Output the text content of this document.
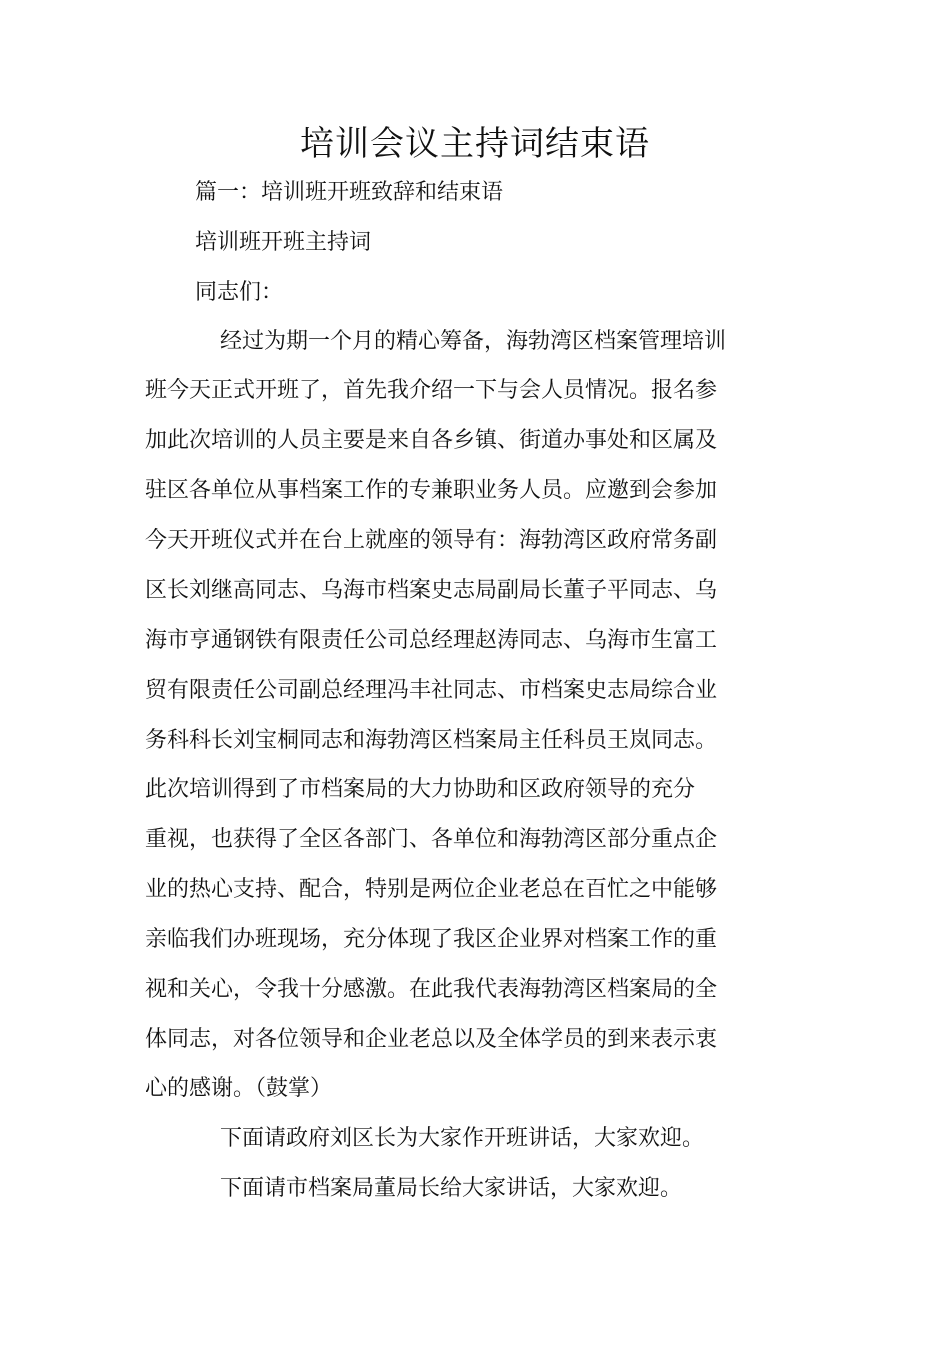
培训会议主持词结束语

篇一：培训班开班致辞和结束语

培训班开班主持词

同志们：

经过为期一个月的精心筹备，海勃湾区档案管理培训

班今天正式开班了，首先我介绍一下与会人员情况。报名参

加此次培训的人员主要是来自各乡镇、街道办事处和区属及

驻区各单位从事档案工作的专兼职业务人员。应邀到会参加

今天开班仪式并在台上就座的领导有：海勃湾区政府常务副

区长刘继高同志、乌海市档案史志局副局长董子平同志、乌

海市亨通钢铁有限责任公司总经理赵涛同志、乌海市生富工

贸有限责任公司副总经理冯丰社同志、市档案史志局综合业

务科科长刘宝桐同志和海勃湾区档案局主任科员王岚同志。

此次培训得到了市档案局的大力协助和区政府领导的充分

重视，也获得了全区各部门、各单位和海勃湾区部分重点企

业的热心支持、配合，特别是两位企业老总在百忙之中能够

亲临我们办班现场，充分体现了我区企业界对档案工作的重

视和关心，令我十分感激。在此我代表海勃湾区档案局的全

体同志，对各位领导和企业老总以及全体学员的到来表示衷

心的感谢。（鼓掌）

下面请政府刘区长为大家作开班讲话，大家欢迎。

下面请市档案局董局长给大家讲话，大家欢迎。
